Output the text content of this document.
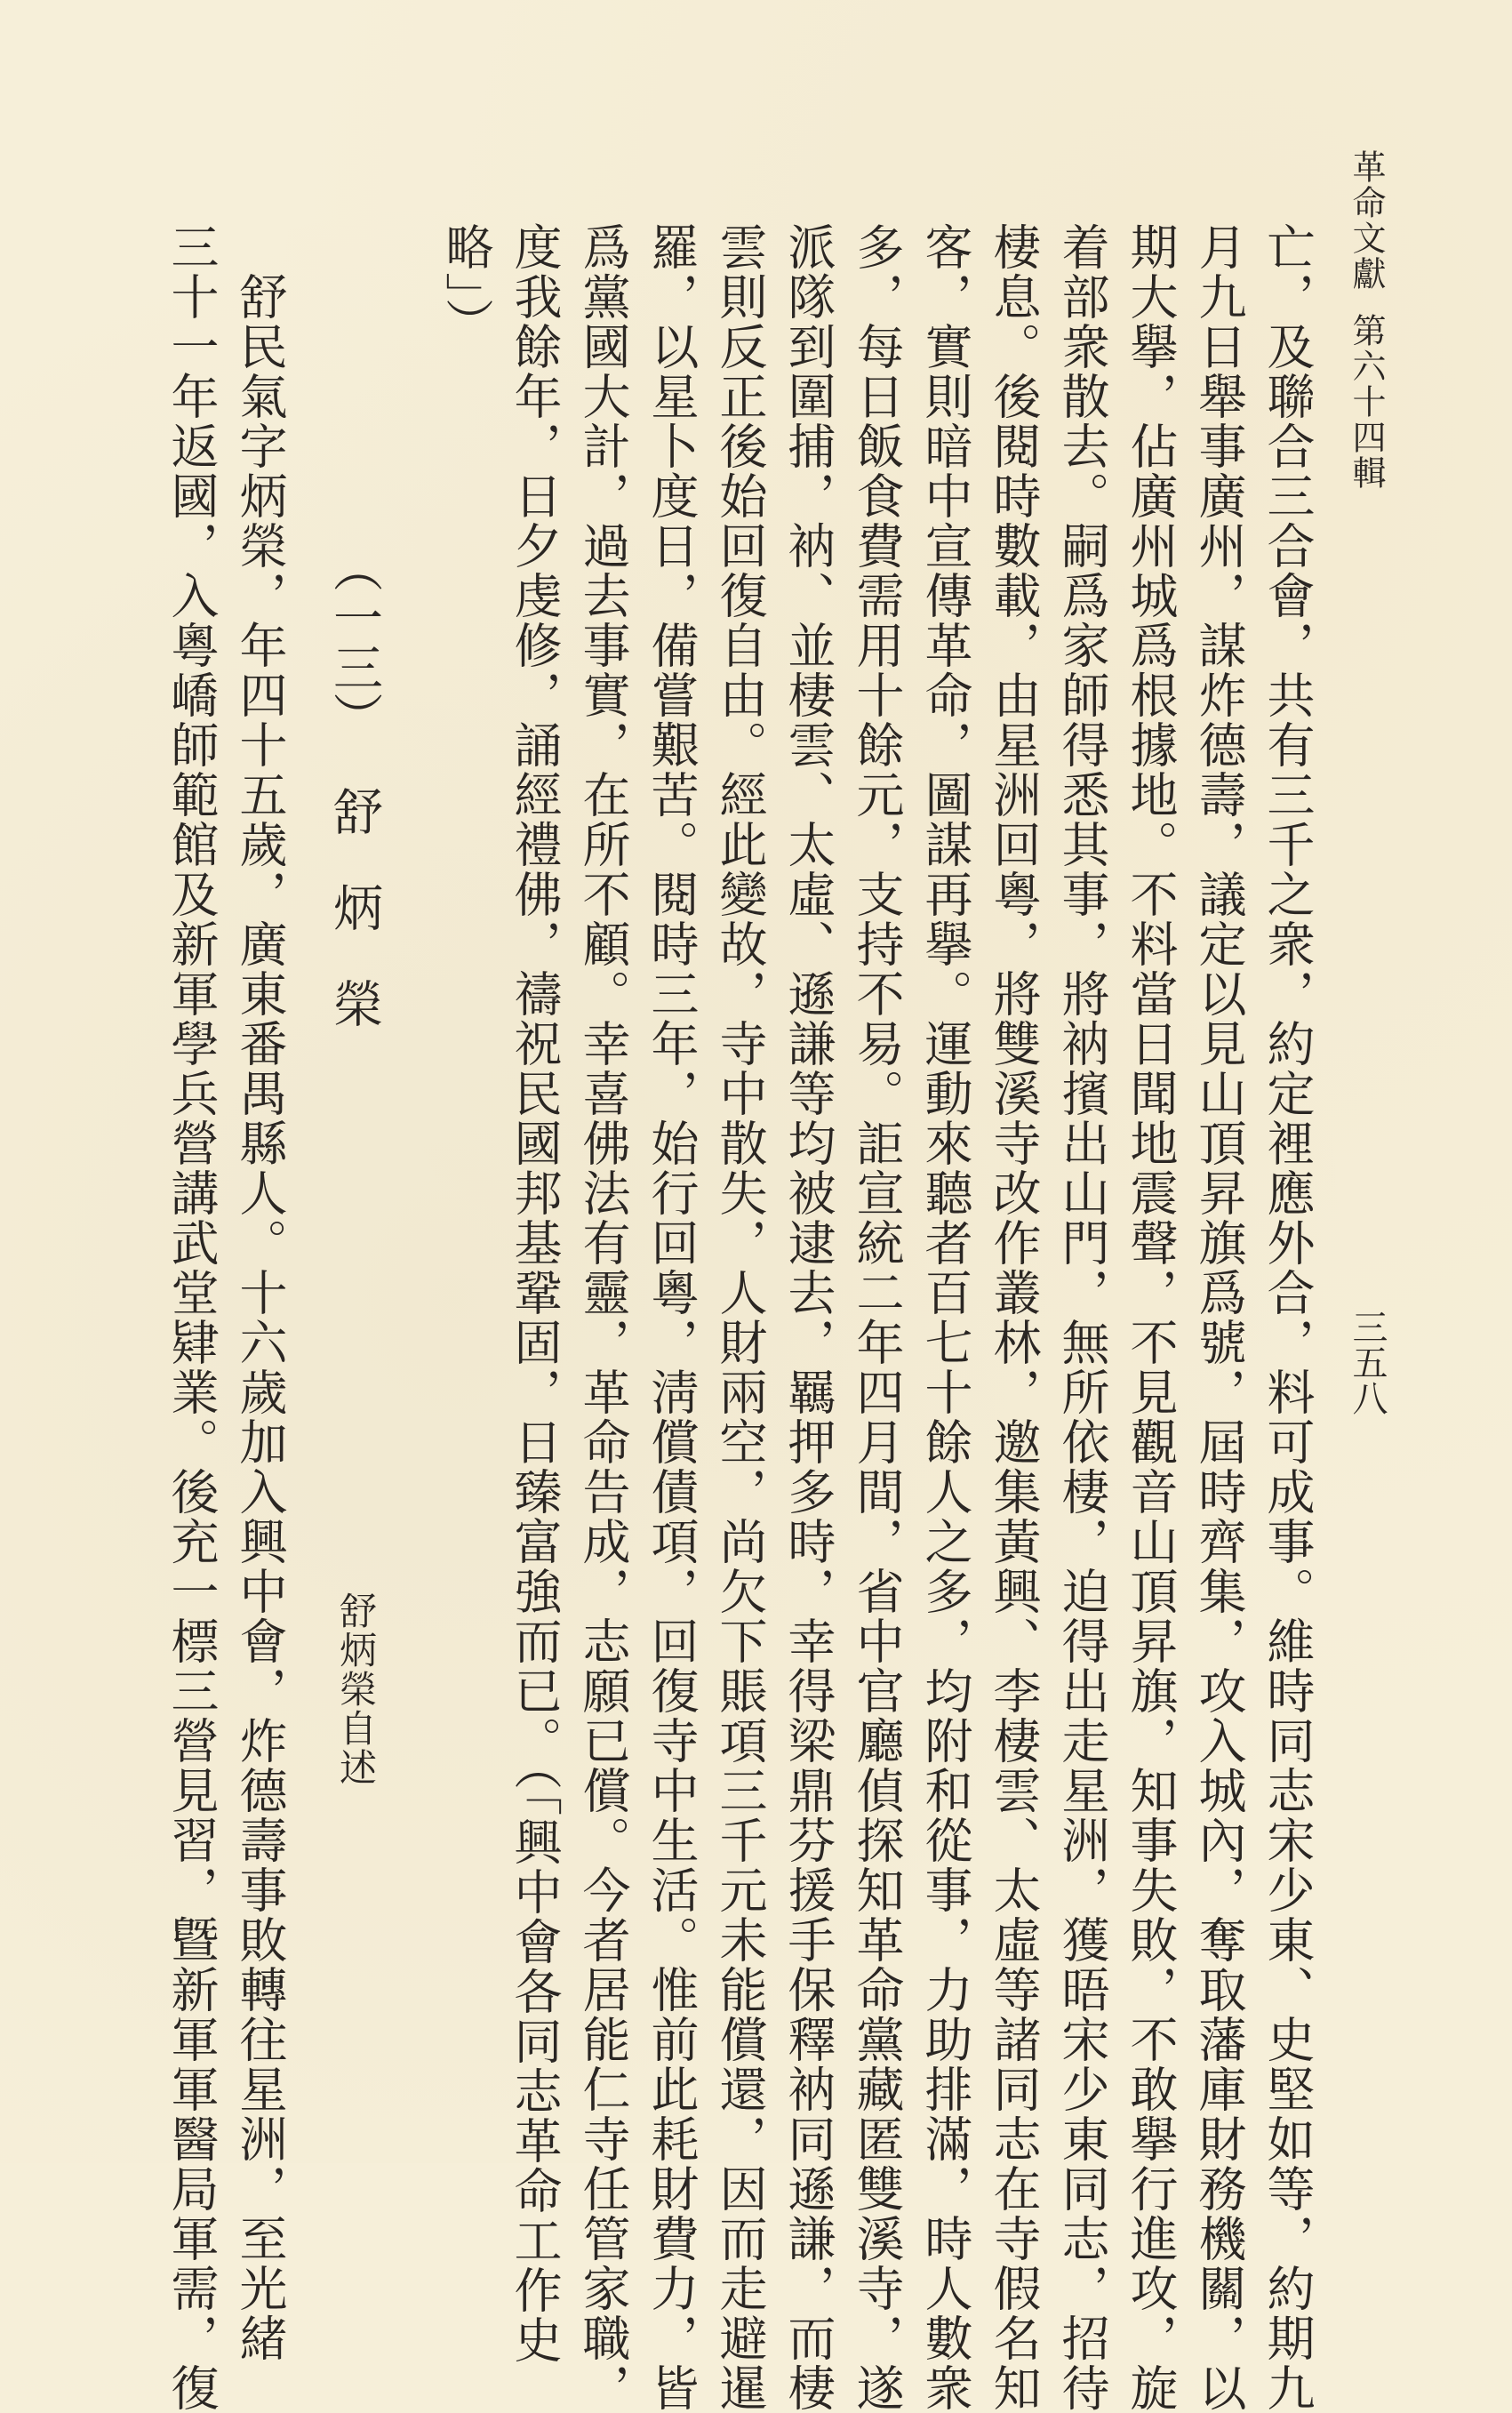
革命文獻第六十四輯
三五八
亡，及聯合三合會，共有三千之衆，約定裡應外合，料可成事。維時同志宋少東、史堅如等，約期九
月九日舉事廣州，謀炸德壽，議定以見山頂昇旗爲號，屆時齊集，攻入城內，奪取藩庫財務機關，以
期大擧，佔廣州城爲根據地。不料當日聞地震聲，不見觀音山頂昇旗，知事失敗，不敢擧行進攻，旋
着部衆散去。嗣爲家師得悉其事，將衲擯出山門，無所依棲，迫得出走星洲，獲晤宋少東同志，招待
棲息。後閱時數載，由星洲回粵，將雙溪寺改作叢林，邀集黃興、李棲雲、太虛等諸同志在寺假名知
客，實則暗中宣傳革命，圖謀再擧。運動來聽者百七十餘人之多，均附和從事，力助排滿，時人數衆
多，每日飯食費需用十餘元，支持不易。詎宣統二年四月間，省中官廳偵探知革命黨藏匿雙溪寺，遂
派隊到圍捕，衲、並棲雲、太虛、遜謙等均被逮去，羈押多時，幸得梁鼎芬援手保釋衲同遜謙，而棲
雲則反正後始回復自由。經此變故，寺中散失，人財兩空，尚欠下賬項三千元未能償還，因而走避暹
羅，以星卜度日，備嘗艱苦。閱時三年，始行回粵，淸償債項，回復寺中生活。惟前此耗財費力，皆
爲黨國大計，過去事實，在所不顧。幸喜佛法有靈，革命告成，志願已償。今者居能仁寺任管家職，
度我餘年，日夕虔修，誦經禮佛，禱祝民國邦基鞏固，日臻富強而已。（「興中會各同志革命工作史
略」）
（一三）舒炳榮
舒炳榮自述
　舒民氣字炳榮，年四十五歲，廣東番禺縣人。十六歲加入興中會，炸德壽事敗轉往星洲，至光緒
三十一年返國，入粵嶠師範館及新軍學兵營講武堂肄業。後充一標三營見習，曁新軍軍醫局軍需，復
